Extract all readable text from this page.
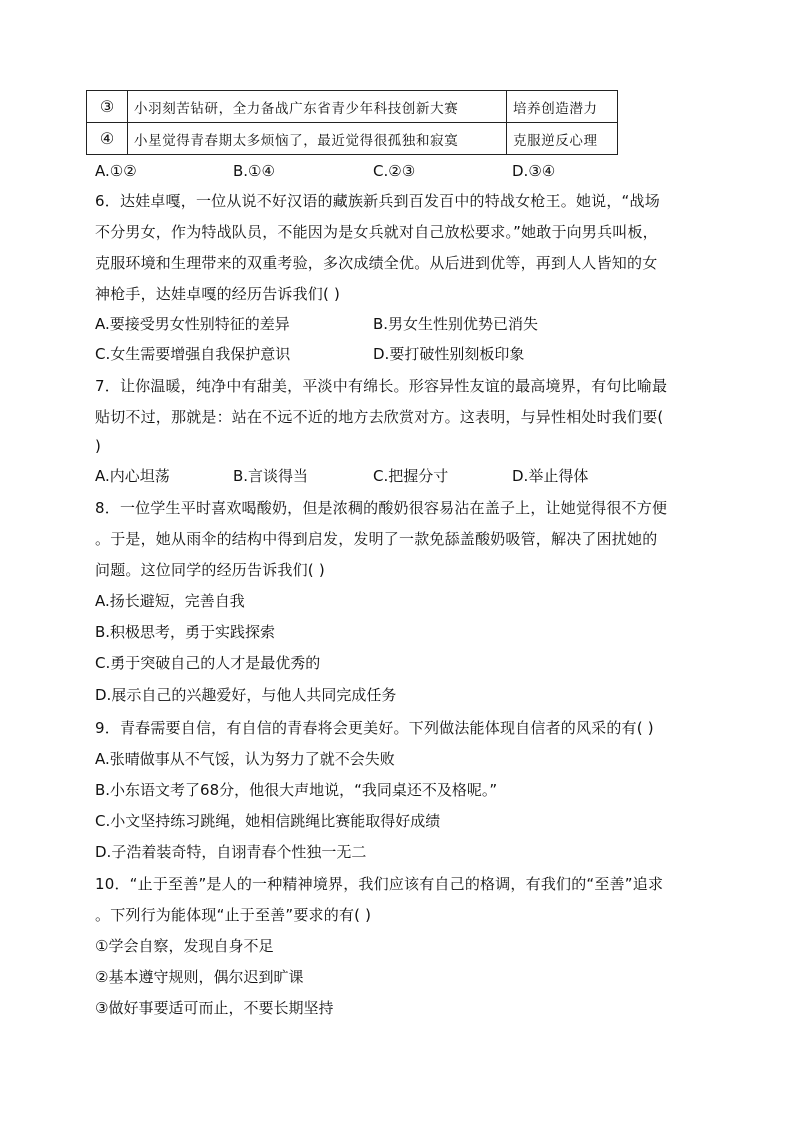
③	小羽刻苦钻研，全力备战广东省青少年科技创新大赛	培养创造潜力
④	小星觉得青春期太多烦恼了，最近觉得很孤独和寂寞	克服逆反心理
A.①②	B.①④	C.②③	D.③④
6．达娃卓嘎，一位从说不好汉语的藏族新兵到百发百中的特战女枪王。她说，“战场
不分男女，作为特战队员，不能因为是女兵就对自己放松要求。”她敢于向男兵叫板，
克服环境和生理带来的双重考验，多次成绩全优。从后进到优等，再到人人皆知的女
神枪手，达娃卓嘎的经历告诉我们( )
A.要接受男女性别特征的差异	B.男女生性别优势已消失
C.女生需要增强自我保护意识	D.要打破性别刻板印象
7．让你温暖，纯净中有甜美，平淡中有绵长。形容异性友谊的最高境界，有句比喻最
贴切不过，那就是：站在不远不近的地方去欣赏对方。这表明，与异性相处时我们要(
)
A.内心坦荡	B.言谈得当	C.把握分寸	D.举止得体
8．一位学生平时喜欢喝酸奶，但是浓稠的酸奶很容易沾在盖子上，让她觉得很不方便
。于是，她从雨伞的结构中得到启发，发明了一款免舔盖酸奶吸管，解决了困扰她的
问题。这位同学的经历告诉我们( )
A.扬长避短，完善自我
B.积极思考，勇于实践探索
C.勇于突破自己的人才是最优秀的
D.展示自己的兴趣爱好，与他人共同完成任务
9．青春需要自信，有自信的青春将会更美好。下列做法能体现自信者的风采的有( )
A.张晴做事从不气馁，认为努力了就不会失败
B.小东语文考了68分，他很大声地说，“我同桌还不及格呢。”
C.小文坚持练习跳绳，她相信跳绳比赛能取得好成绩
D.子浩着装奇特，自诩青春个性独一无二
10．“止于至善”是人的一种精神境界，我们应该有自己的格调，有我们的“至善”追求
。下列行为能体现“止于至善”要求的有( )
①学会自察，发现自身不足
②基本遵守规则，偶尔迟到旷课
③做好事要适可而止，不要长期坚持
